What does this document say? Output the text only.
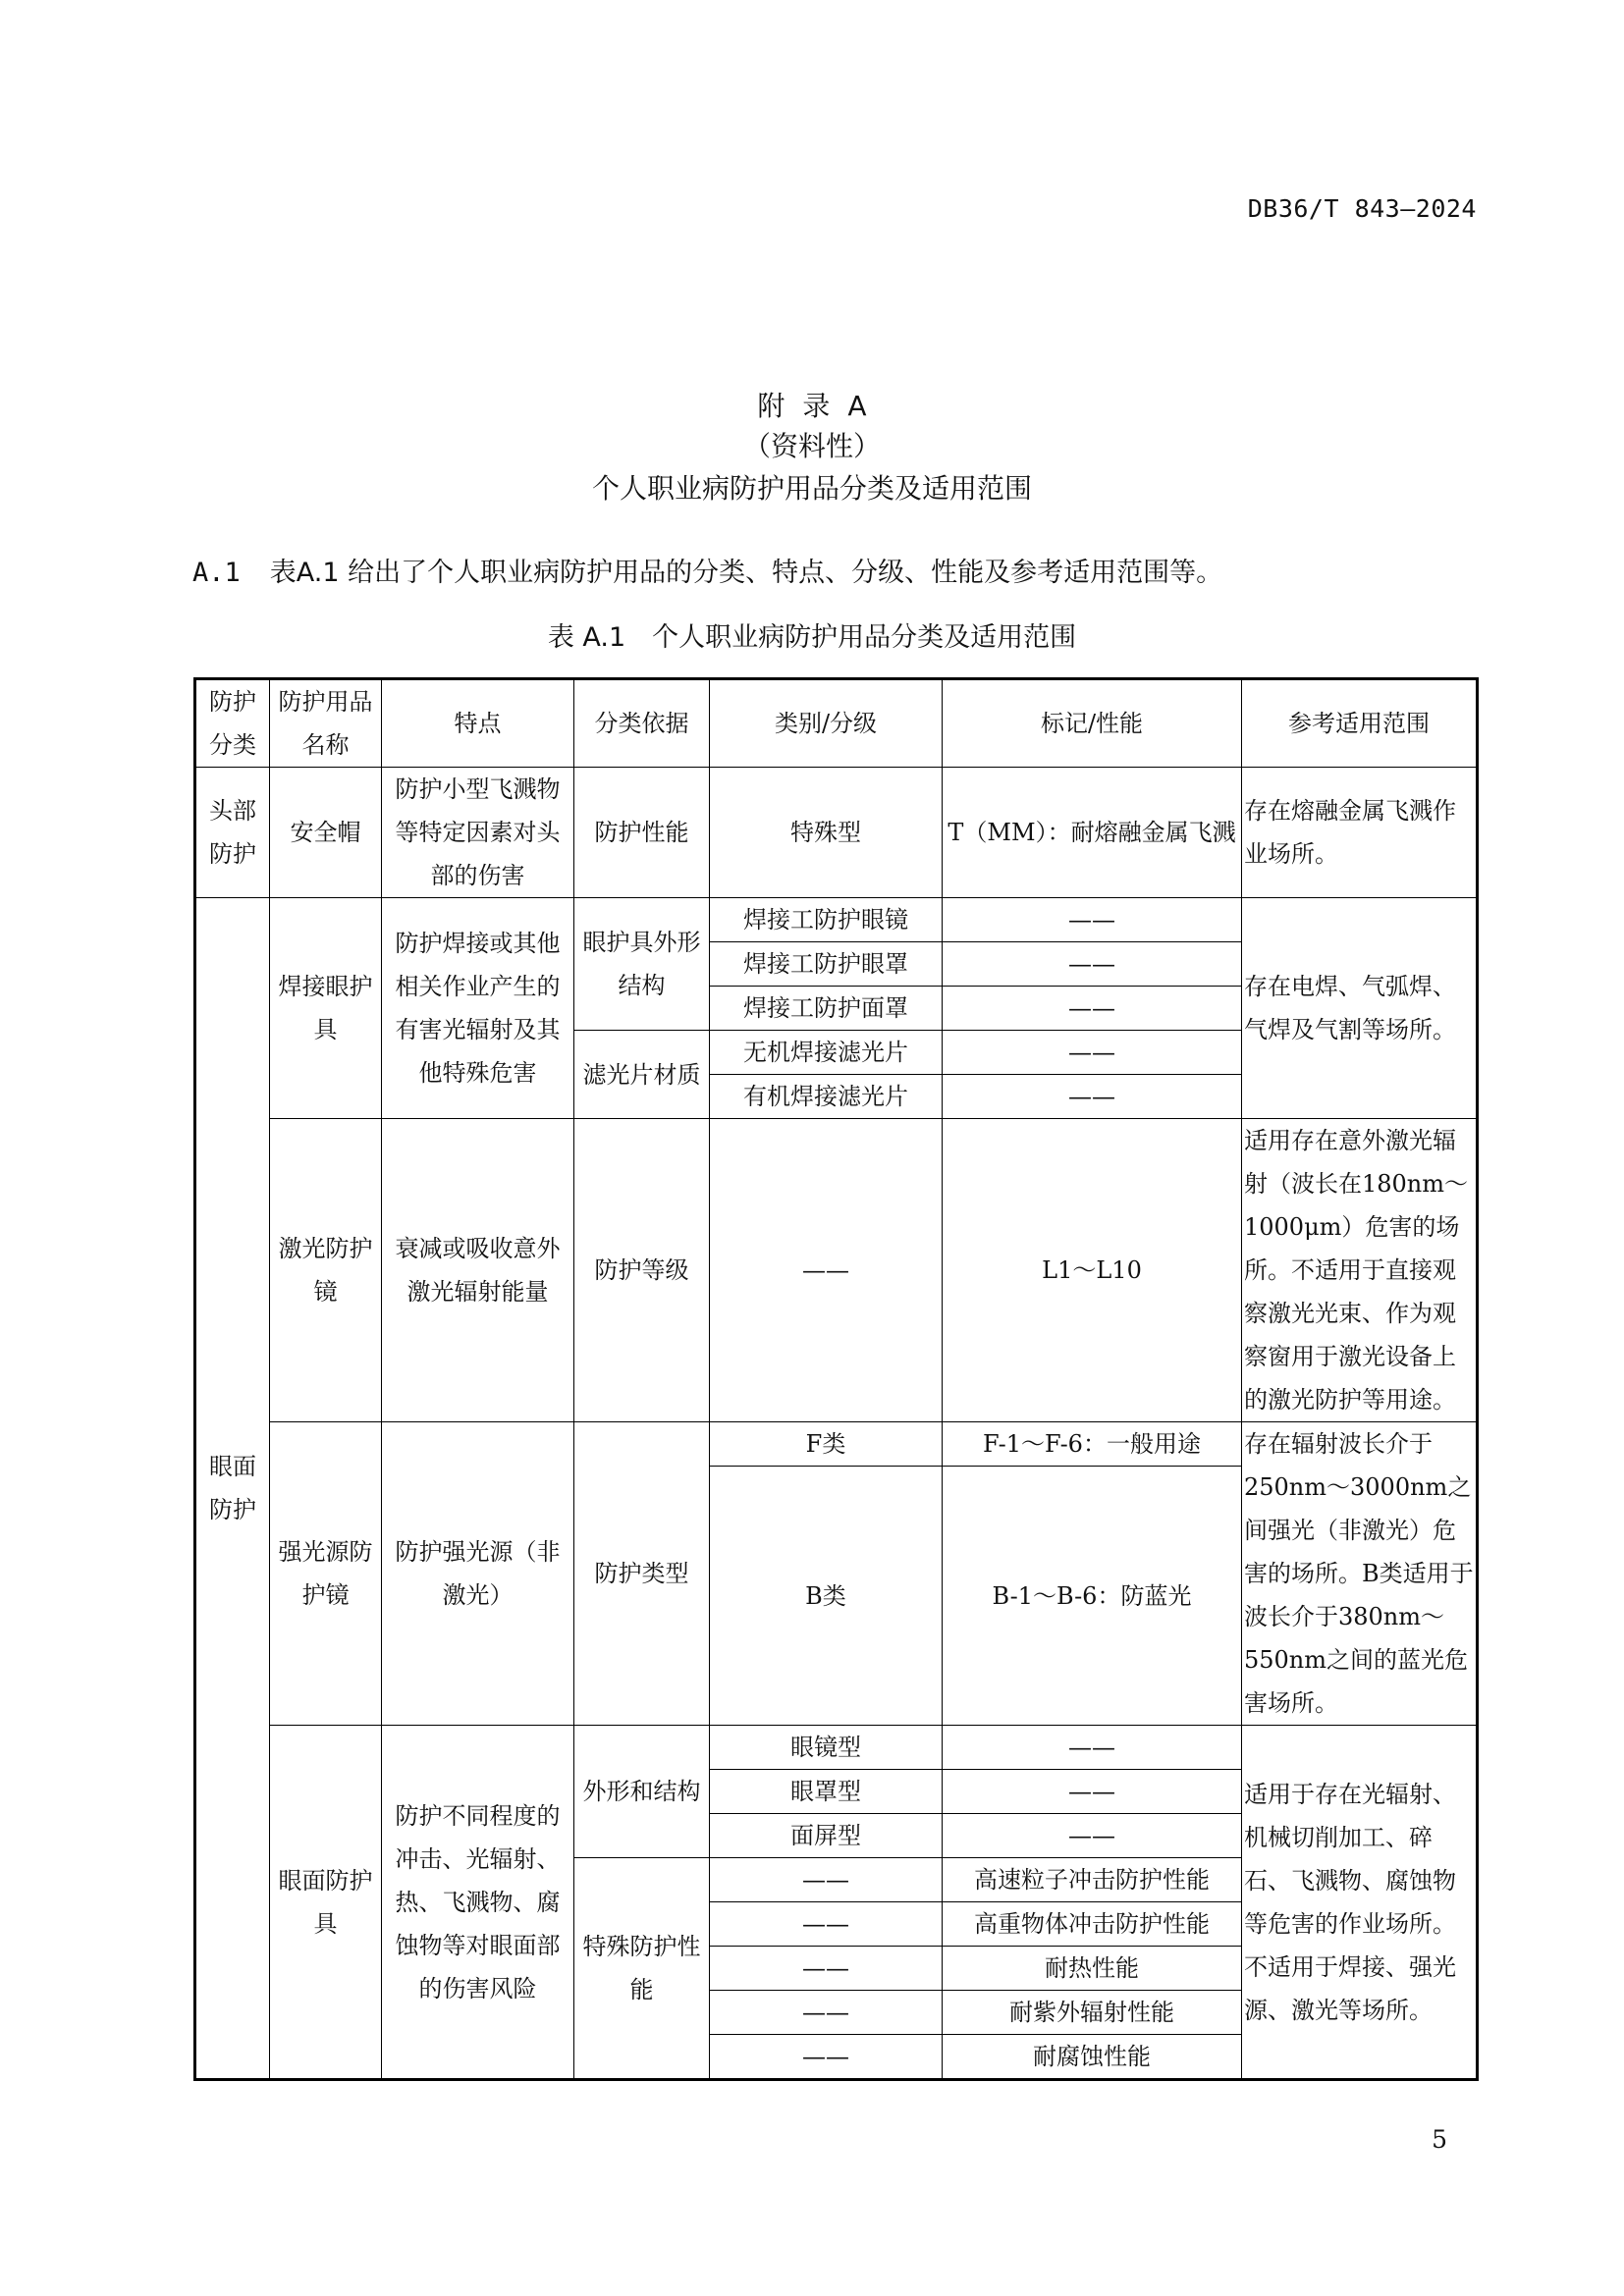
DB36/T 843—2024
附录A
（资料性）
个人职业病防护用品分类及适用范围
A.1 表A.1 给出了个人职业病防护用品的分类、特点、分级、性能及参考适用范围等。
表 A.1　个人职业病防护用品分类及适用范围
防护分类	防护用品名称	特点	分类依据	类别/分级	标记/性能	参考适用范围
头部防护	安全帽	防护小型飞溅物等特定因素对头部的伤害	防护性能	特殊型	T（MM）：耐熔融金属飞溅	存在熔融金属飞溅作业场所。
眼面防护	焊接眼护具	防护焊接或其他相关作业产生的有害光辐射及其他特殊危害	眼护具外形结构	焊接工防护眼镜	——	存在电焊、气弧焊、气焊及气割等场所。
				焊接工防护眼罩	——	
				焊接工防护面罩	——	
			滤光片材质	无机焊接滤光片	——	
				有机焊接滤光片	——	
	激光防护镜	衰减或吸收意外激光辐射能量	防护等级	——	L1～L10	适用存在意外激光辐射（波长在180nm～1000μm）危害的场所。不适用于直接观察激光光束、作为观察窗用于激光设备上的激光防护等用途。
	强光源防护镜	防护强光源（非激光）	防护类型	F类	F-1～F-6：一般用途	存在辐射波长介于250nm～3000nm之间强光（非激光）危害的场所。B类适用于波长介于380nm～550nm之间的蓝光危害场所。
				B类	B-1～B-6：防蓝光	
	眼面防护具	防护不同程度的冲击、光辐射、热、飞溅物、腐蚀物等对眼面部的伤害风险	外形和结构	眼镜型	——	适用于存在光辐射、机械切削加工、碎石、飞溅物、腐蚀物等危害的作业场所。
不适用于焊接、强光源、激光等场所。
				眼罩型	——	
				面屏型	——	
			特殊防护性能	——	高速粒子冲击防护性能	
				——	高重物体冲击防护性能	
				——	耐热性能	
				——	耐紫外辐射性能	
				——	耐腐蚀性能	
5
